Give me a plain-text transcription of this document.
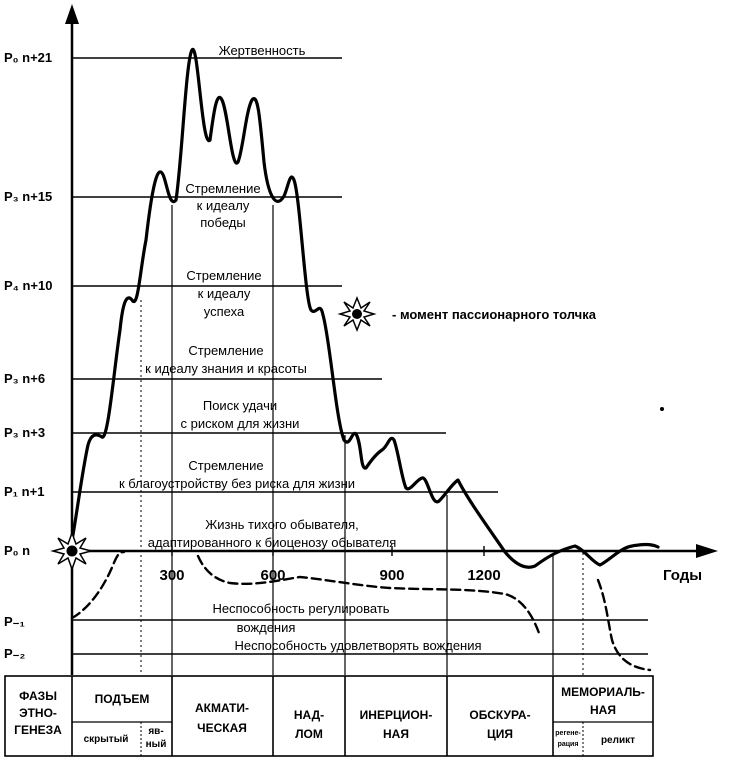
- момент пассионарного толчка
P₀ n+21
P₃ n+15
P₄ n+10
P₃ n+6
P₃ n+3
P₁ n+1
P₀ n
P₋₁
P₋₂
Жертвенность
Стремление
к идеалу
победы
Стремление
к идеалу
успеха
Стремление
к идеалу знания и красоты
Поиск удачи
с риском для жизни
Стремление
к благоустройству без риска для жизни
Жизнь тихого обывателя,
адаптированного к биоценозу обывателя
Неспособность регулировать
вождения
Неспособность удовлетворять вождения
300	600	900	1200	Годы
ФАЗЫ
ЭТНО-
ГЕНЕЗА
ПОДЪЕМ
скрытый
яв-
ный
АКМАТИ-
ЧЕСКАЯ
НАД-
ЛОМ
ИНЕРЦИОН-
НАЯ
ОБСКУРА-
ЦИЯ
МЕМОРИАЛЬ-
НАЯ
регене-
рация реликт
